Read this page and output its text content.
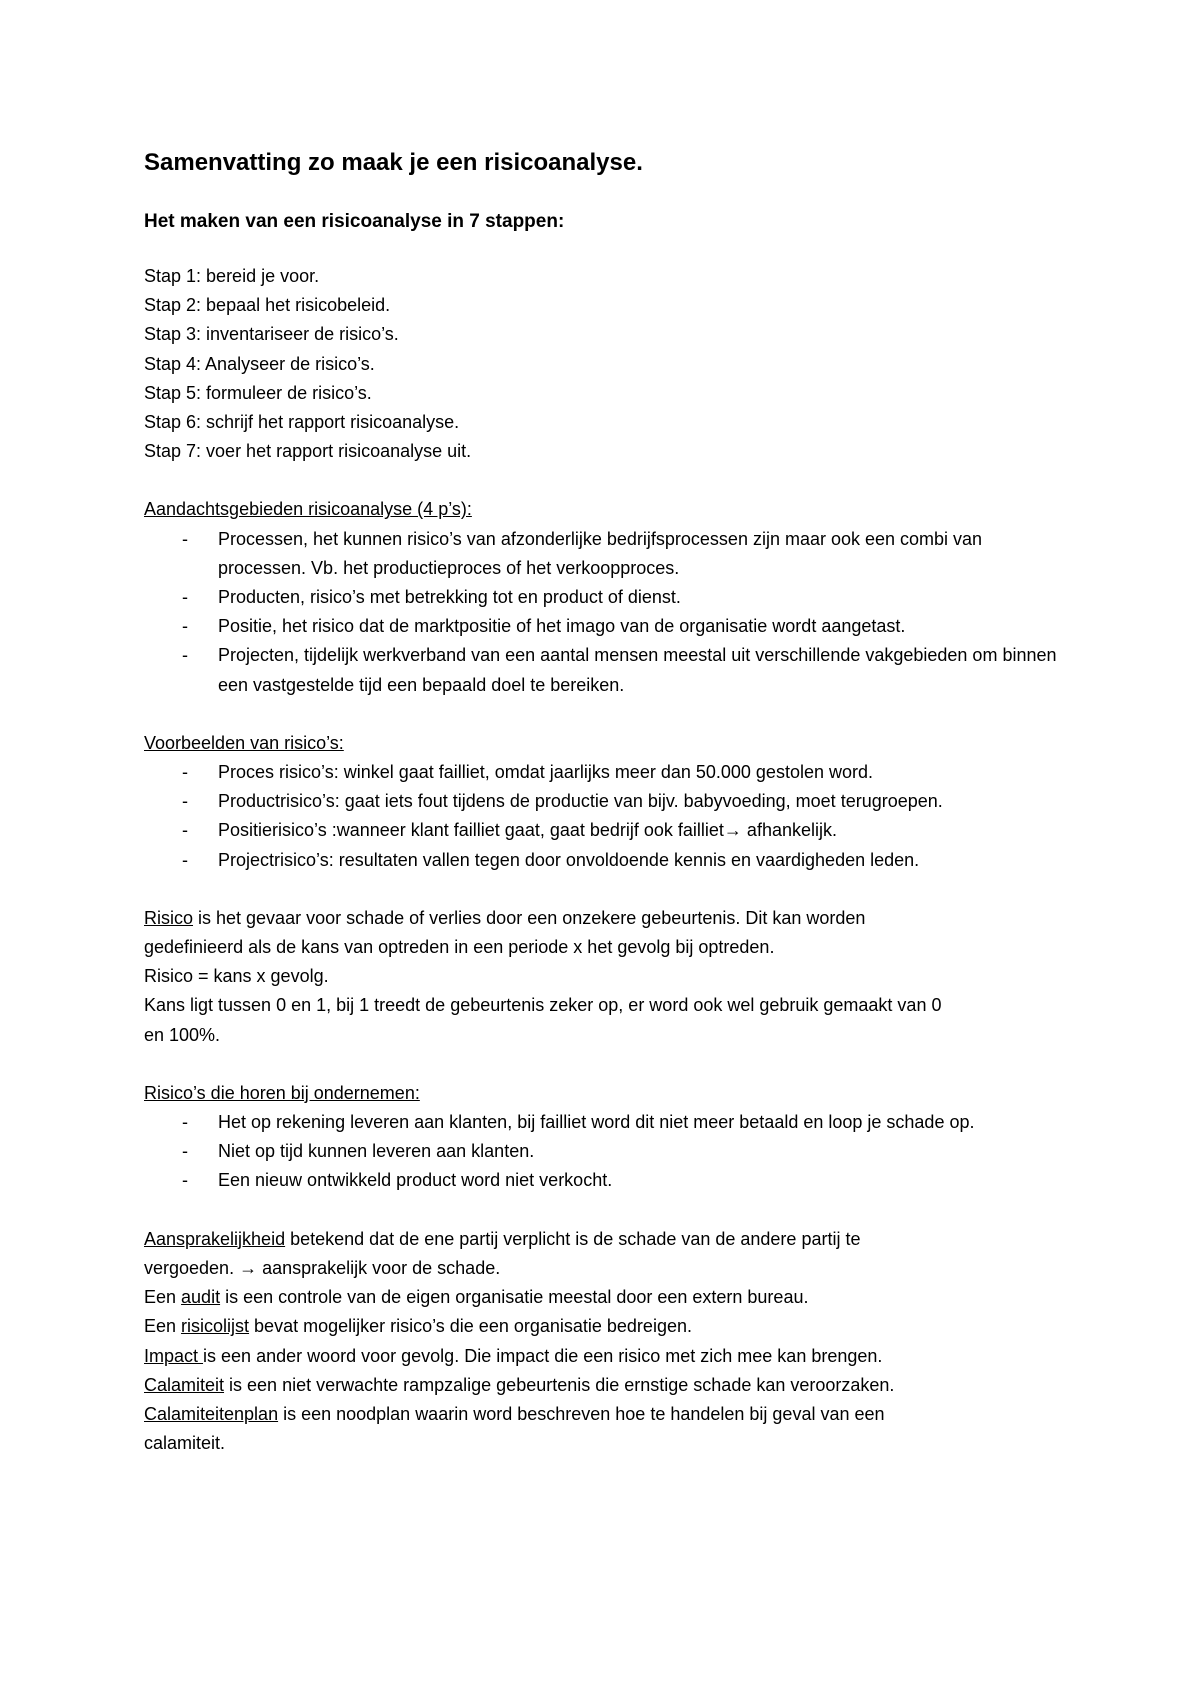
Samenvatting zo maak je een risicoanalyse.
Het maken van een risicoanalyse in 7 stappen:

Stap 1: bereid je voor.

Stap 2: bepaal het risicobeleid.

Stap 3: inventariseer de risico’s.

Stap 4: Analyseer de risico’s.

Stap 5: formuleer de risico’s.

Stap 6: schrijf het rapport risicoanalyse.

Stap 7: voer het rapport risicoanalyse uit.

Aandachtsgebieden risicoanalyse (4 p’s):

- Processen, het kunnen risico’s van afzonderlijke bedrijfsprocessen zijn maar ook een combi van processen. Vb. het productieproces of het verkoopproces.
- Producten, risico’s met betrekking tot en product of dienst.
- Positie, het risico dat de marktpositie of het imago van de organisatie wordt aangetast.
- Projecten, tijdelijk werkverband van een aantal mensen meestal uit verschillende vakgebieden om binnen een vastgestelde tijd een bepaald doel te bereiken.

Voorbeelden van risico’s:

- Proces risico’s: winkel gaat failliet, omdat jaarlijks meer dan 50.000 gestolen word.
- Productrisico’s: gaat iets fout tijdens de productie van bijv. babyvoeding, moet terugroepen.
- Positierisico’s :wanneer klant failliet gaat, gaat bedrijf ook failliet→ afhankelijk.
- Projectrisico’s: resultaten vallen tegen door onvoldoende kennis en vaardigheden leden.

Risico is het gevaar voor schade of verlies door een onzekere gebeurtenis. Dit kan worden

gedefinieerd als de kans van optreden in een periode x het gevolg bij optreden.

Risico = kans x gevolg.

Kans ligt tussen 0 en 1, bij 1 treedt de gebeurtenis zeker op, er word ook wel gebruik gemaakt van 0

en 100%.

Risico’s die horen bij ondernemen:

- Het op rekening leveren aan klanten, bij failliet word dit niet meer betaald en loop je schade op.
- Niet op tijd kunnen leveren aan klanten.
- Een nieuw ontwikkeld product word niet verkocht.

Aansprakelijkheid betekend dat de ene partij verplicht is de schade van de andere partij te

vergoeden. → aansprakelijk voor de schade.

Een audit is een controle van de eigen organisatie meestal door een extern bureau.

Een risicolijst bevat mogelijker risico’s die een organisatie bedreigen.

Impact is een ander woord voor gevolg. Die impact die een risico met zich mee kan brengen.

Calamiteit is een niet verwachte rampzalige gebeurtenis die ernstige schade kan veroorzaken.

Calamiteitenplan is een noodplan waarin word beschreven hoe te handelen bij geval van een

calamiteit.
